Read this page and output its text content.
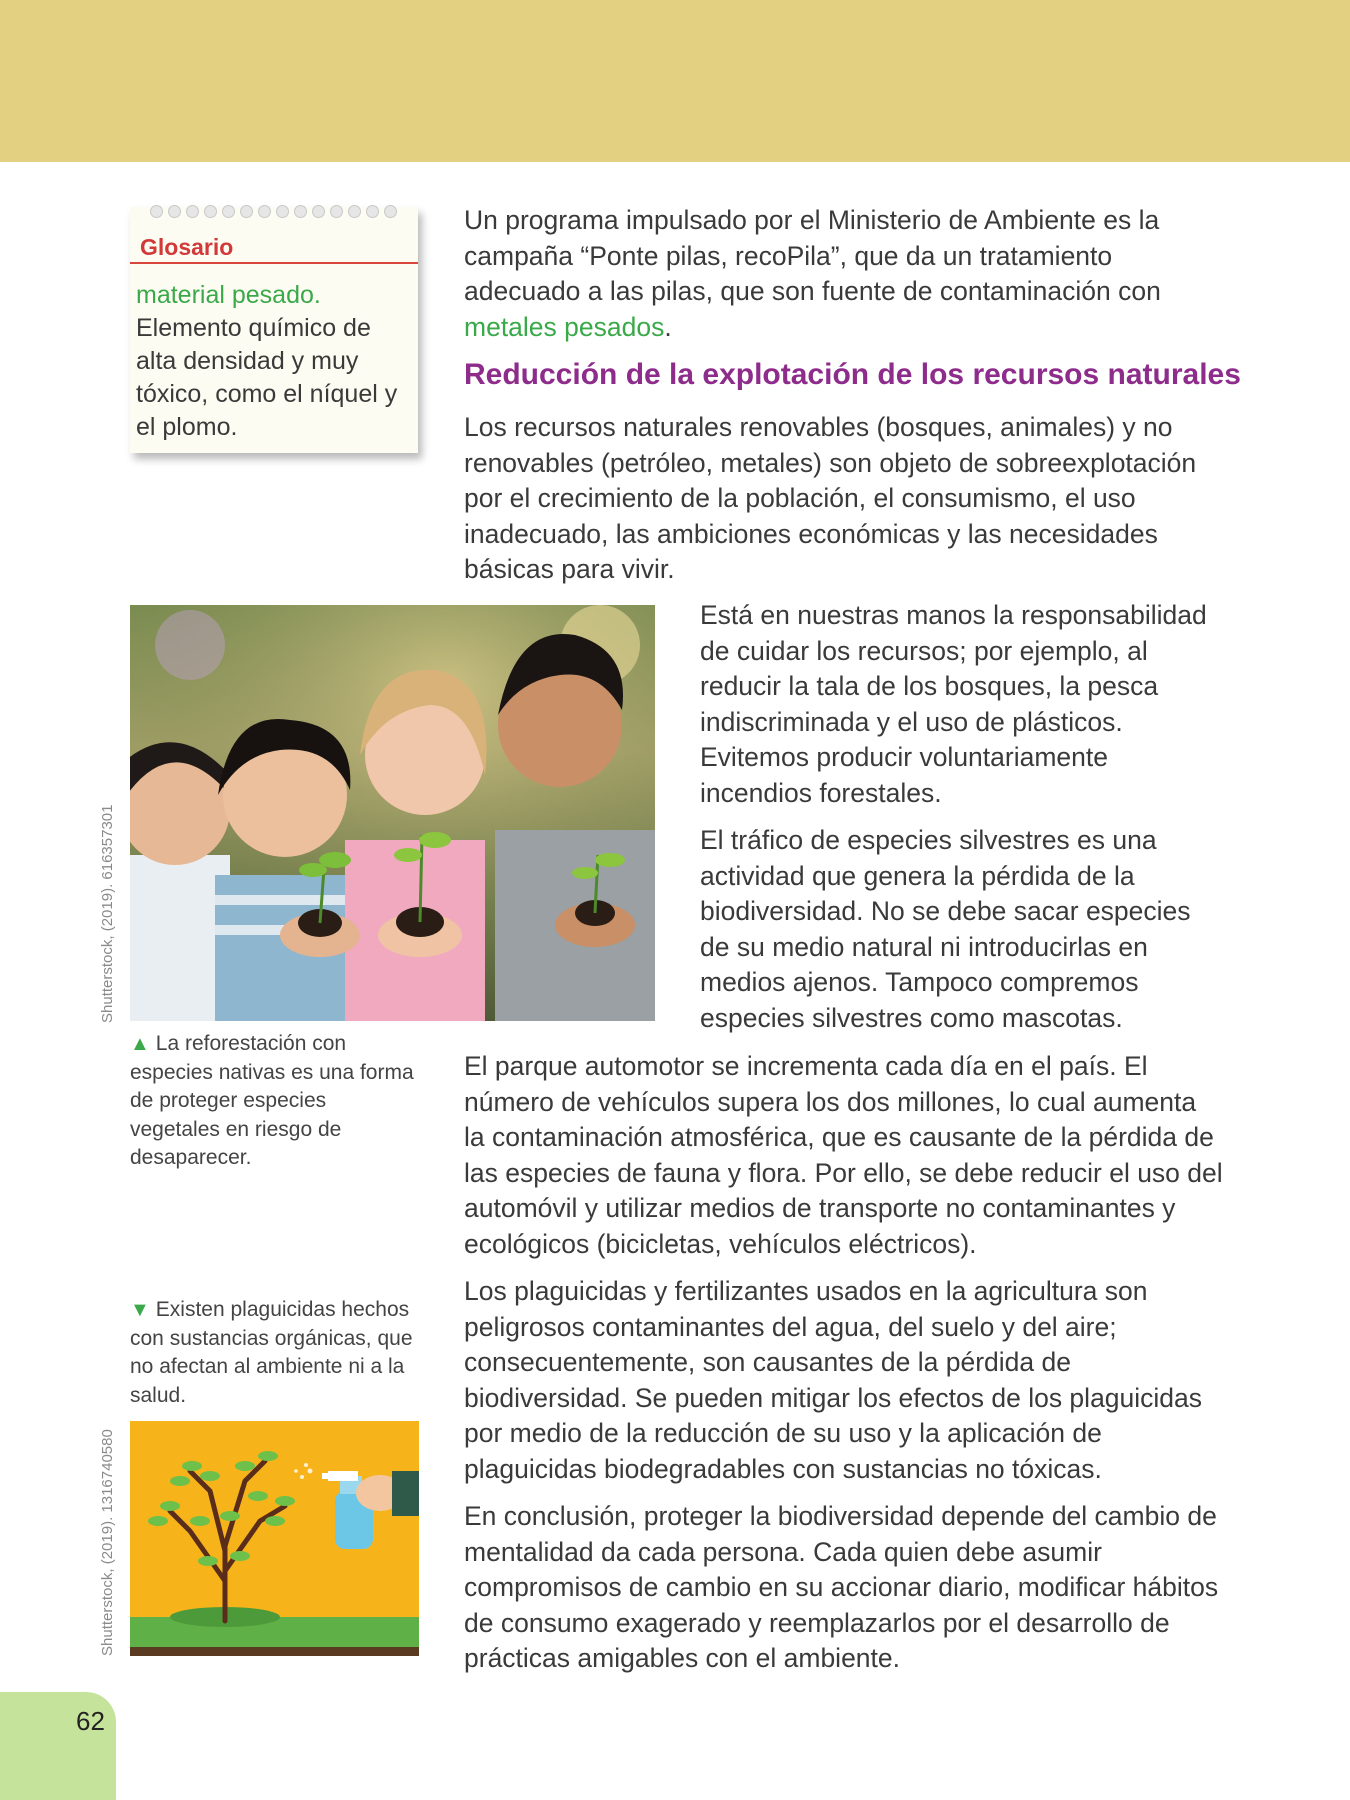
Glosario
material pesado.
Elemento químico de alta densidad y muy tóxico, como el níquel y el plomo.

Un programa impulsado por el Ministerio de Ambiente es la campaña “Ponte pilas, recoPila”, que da un tratamiento adecuado a las pilas, que son fuente de contaminación con metales pesados.

Reducción de la explotación de los recursos naturales

Los recursos naturales renovables (bosques, animales) y no renovables (petróleo, metales) son objeto de sobreexplotación por el crecimiento de la población, el consumismo, el uso inadecuado, las ambiciones económicas y las necesidades básicas para vivir.

Está en nuestras manos la responsabilidad de cuidar los recursos; por ejemplo, al reducir la tala de los bosques, la pesca indiscriminada y el uso de plásticos. Evitemos producir voluntariamente incendios forestales.

El tráfico de especies silvestres es una actividad que genera la pérdida de la biodiversidad. No se debe sacar especies de su medio natural ni introducirlas en medios ajenos. Tampoco compremos especies silvestres como mascotas.

El parque automotor se incrementa cada día en el país. El número de vehículos supera los dos millones, lo cual aumenta la contaminación atmosférica, que es causante de la pérdida de las especies de fauna y flora. Por ello, se debe reducir el uso del automóvil y utilizar medios de transporte no contaminantes y ecológicos (bicicletas, vehículos eléctricos).

Los plaguicidas y fertilizantes usados en la agricultura son peligrosos contaminantes del agua, del suelo y del aire; consecuentemente, son causantes de la pérdida de biodiversidad. Se pueden mitigar los efectos de los plaguicidas por medio de la reducción de su uso y la aplicación de plaguicidas biodegradables con sustancias no tóxicas.

En conclusión, proteger la biodiversidad depende del cambio de mentalidad da cada persona. Cada quien debe asumir compromisos de cambio en su accionar diario, modificar hábitos de consumo exagerado y reemplazarlos por el desarrollo de prácticas amigables con el ambiente.

Shutterstock, (2019). 61635730​1
▲ La reforestación con especies nativas es una forma de proteger especies vegetales en riesgo de desaparecer.
▼ Existen plaguicidas hechos con sustancias orgánicas, que no afectan al ambiente ni a la salud.
Shutterstock, (2019). 1316740580
62
